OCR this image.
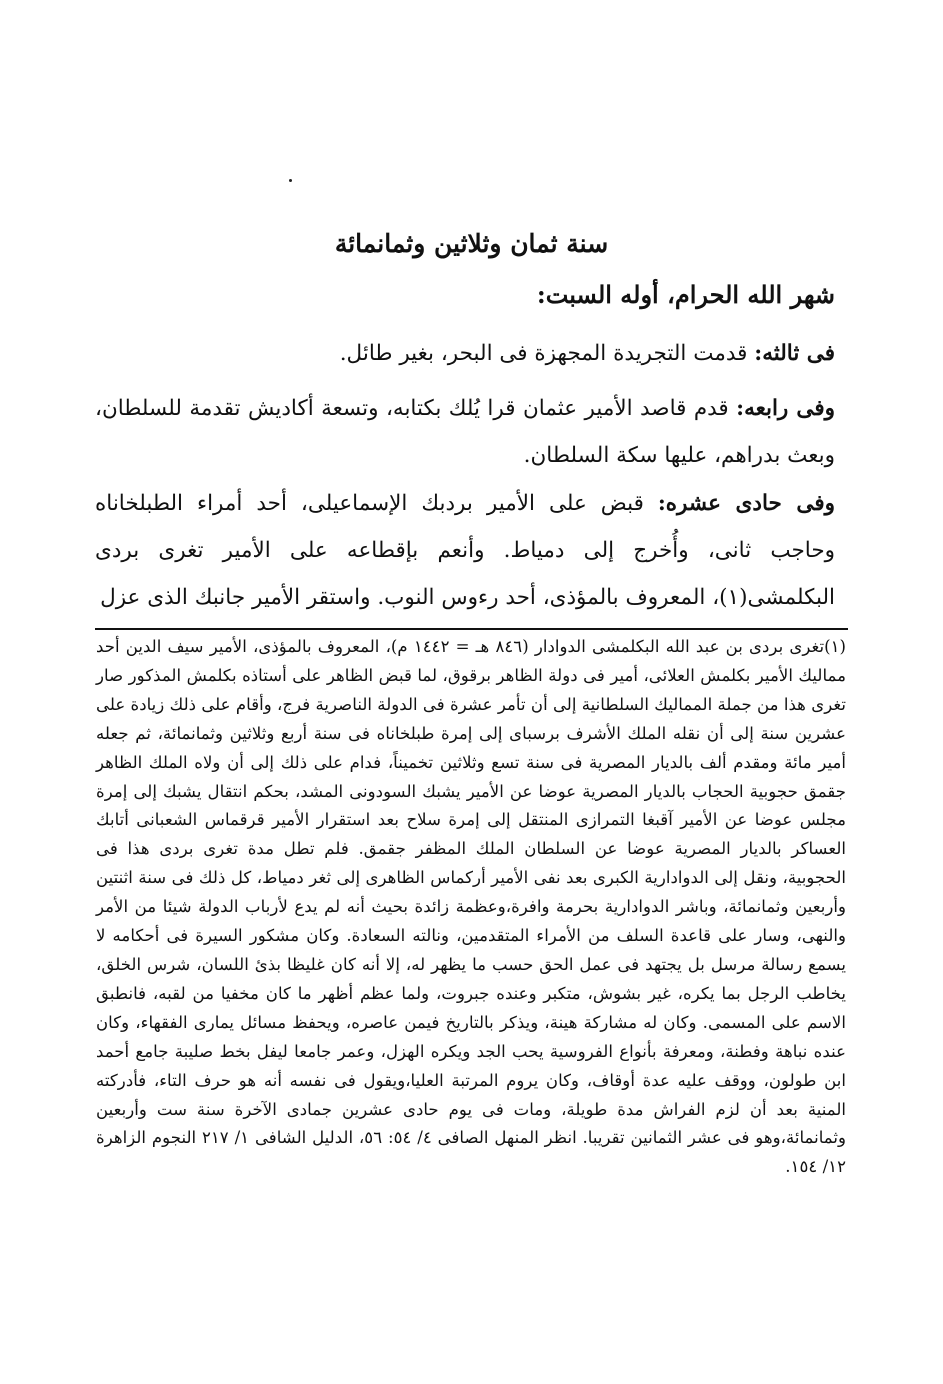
سنة ثمان وثلاثين وثمانمائة
شهر الله الحرام، أوله السبت:

فى ثالثه: قدمت التجريدة المجهزة فى البحر، بغير طائل.

وفى رابعه: قدم قاصد الأمير عثمان قرا يُلك بكتابه، وتسعة أكاديش تقدمة للسلطان، وبعث بدراهم، عليها سكة السلطان.

وفى حادى عشره: قبض على الأمير بردبك الإسماعيلى، أحد أمراء الطبلخاناه وحاجب ثانى، وأُخرج إلى دمياط. وأنعم بإقطاعه على الأمير تغرى بردى البكلمشى(١)، المعروف بالمؤذى، أحد رءوس النوب. واستقر الأمير جانبك الذى عزل

(١)تغرى بردى بن عبد الله البكلمشى الدوادار (٨٤٦ هـ = ١٤٤٢ م)، المعروف بالمؤذى، الأمير سيف الدين أحد مماليك الأمير بكلمش العلائى، أمير فى دولة الظاهر برقوق، لما قبض الظاهر على أستاذه بكلمش المذكور صار تغرى هذا من جملة المماليك السلطانية إلى أن تأمر عشرة فى الدولة الناصرية فرج، وأقام على ذلك زيادة على عشرين سنة إلى أن نقله الملك الأشرف برسباى إلى إمرة طبلخاناه فى سنة أربع وثلاثين وثمانمائة، ثم جعله أمير مائة ومقدم ألف بالديار المصرية فى سنة تسع وثلاثين تخميناً، فدام على ذلك إلى أن ولاه الملك الظاهر جقمق حجوبية الحجاب بالديار المصرية عوضا عن الأمير يشبك السودونى المشد، بحكم انتقال يشبك إلى إمرة مجلس عوضا عن الأمير آقبغا التمرازى المنتقل إلى إمرة سلاح بعد استقرار الأمير قرقماس الشعبانى أتابك العساكر بالديار المصرية عوضا عن السلطان الملك المظفر جقمق. فلم تطل مدة تغرى بردى هذا فى الحجوبية، ونقل إلى الدوادارية الكبرى بعد نفى الأمير أركماس الظاهرى إلى ثغر دمياط، كل ذلك فى سنة اثنتين وأربعين وثمانمائة، وباشر الدوادارية بحرمة وافرة،وعظمة زائدة بحيث أنه لم يدع لأرباب الدولة شيئا من الأمر والنهى، وسار على قاعدة السلف من الأمراء المتقدمين، ونالته السعادة. وكان مشكور السيرة فى أحكامه لا يسمع رسالة مرسل بل يجتهد فى عمل الحق حسب ما يظهر له، إلا أنه كان غليظا بذئ اللسان، شرس الخلق، يخاطب الرجل بما يكره، غير بشوش، متكبر وعنده جبروت، ولما عظم أظهر ما كان مخفيا من لقبه، فانطبق الاسم على المسمى. وكان له مشاركة هينة، ويذكر بالتاريخ فيمن عاصره، ويحفظ مسائل يمارى الفقهاء، وكان عنده نباهة وفطنة، ومعرفة بأنواع الفروسية يحب الجد ويكره الهزل، وعمر جامعا ليفل بخط صليبة جامع أحمد ابن طولون، ووقف عليه عدة أوقاف، وكان يروم المرتبة العليا،ويقول فى نفسه أنه هو حرف التاء، فأدركته المنية بعد أن لزم الفراش مدة طويلة، ومات فى يوم حادى عشرين جمادى الآخرة سنة ست وأربعين وثمانمائة،وهو فى عشر الثمانين تقريبا. انظر المنهل الصافى ٤/ ٥٤: ٥٦، الدليل الشافى ١/ ٢١٧ النجوم الزاهرة ١٢/ ١٥٤.
